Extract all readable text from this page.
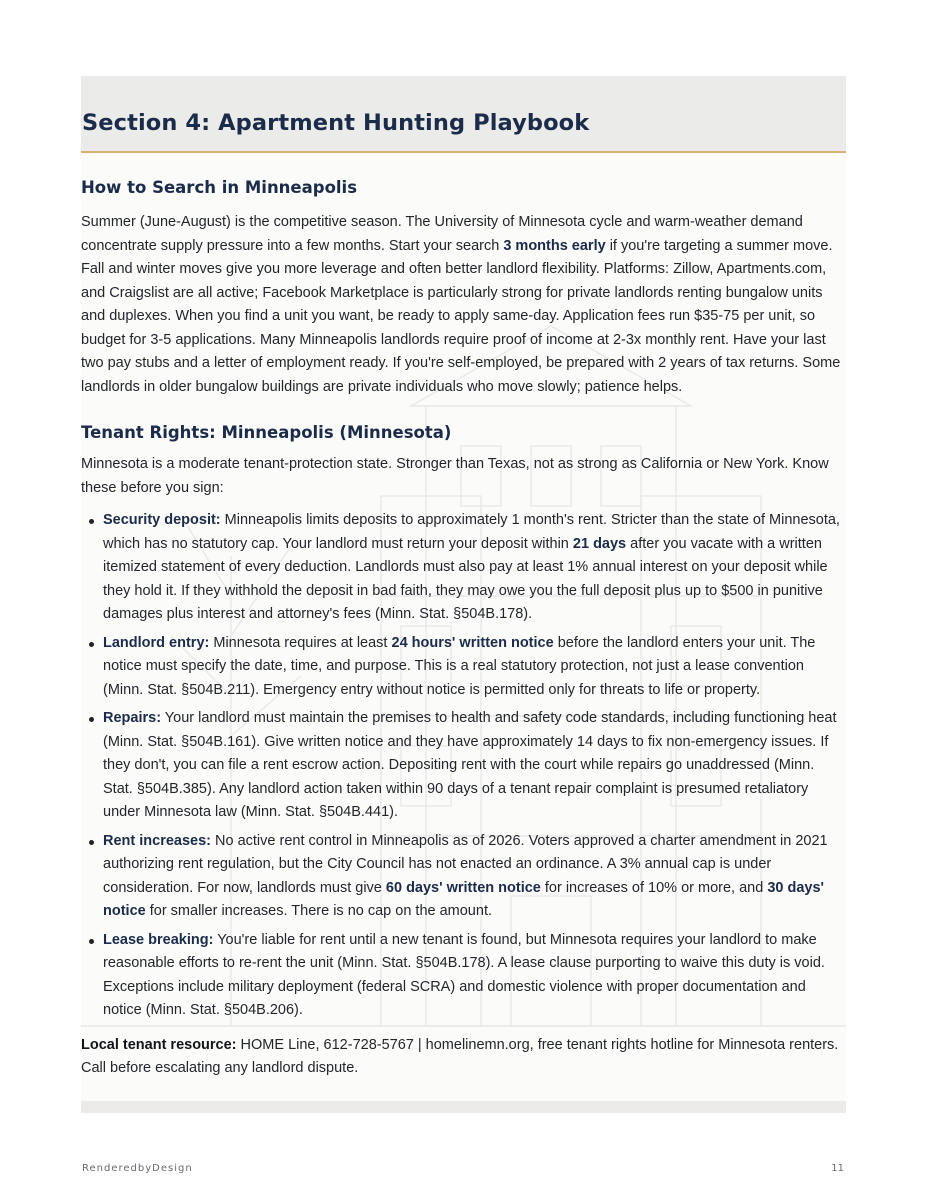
Section 4: Apartment Hunting Playbook
How to Search in Minneapolis

Summer (June-August) is the competitive season. The University of Minnesota cycle and warm-weather demand concentrate supply pressure into a few months. Start your search 3 months early if you're targeting a summer move. Fall and winter moves give you more leverage and often better landlord flexibility. Platforms: Zillow, Apartments.com, and Craigslist are all active; Facebook Marketplace is particularly strong for private landlords renting bungalow units and duplexes. When you find a unit you want, be ready to apply same-day. Application fees run $35-75 per unit, so budget for 3-5 applications. Many Minneapolis landlords require proof of income at 2-3x monthly rent. Have your last two pay stubs and a letter of employment ready. If you're self-employed, be prepared with 2 years of tax returns. Some landlords in older bungalow buildings are private individuals who move slowly; patience helps.

Tenant Rights: Minneapolis (Minnesota)

Minnesota is a moderate tenant-protection state. Stronger than Texas, not as strong as California or New York. Know these before you sign:

Security deposit: Minneapolis limits deposits to approximately 1 month's rent. Stricter than the state of Minnesota, which has no statutory cap. Your landlord must return your deposit within 21 days after you vacate with a written itemized statement of every deduction. Landlords must also pay at least 1% annual interest on your deposit while they hold it. If they withhold the deposit in bad faith, they may owe you the full deposit plus up to $500 in punitive damages plus interest and attorney's fees (Minn. Stat. §504B.178).
Landlord entry: Minnesota requires at least 24 hours' written notice before the landlord enters your unit. The notice must specify the date, time, and purpose. This is a real statutory protection, not just a lease convention (Minn. Stat. §504B.211). Emergency entry without notice is permitted only for threats to life or property.
Repairs: Your landlord must maintain the premises to health and safety code standards, including functioning heat (Minn. Stat. §504B.161). Give written notice and they have approximately 14 days to fix non-emergency issues. If they don't, you can file a rent escrow action. Depositing rent with the court while repairs go unaddressed (Minn. Stat. §504B.385). Any landlord action taken within 90 days of a tenant repair complaint is presumed retaliatory under Minnesota law (Minn. Stat. §504B.441).
Rent increases: No active rent control in Minneapolis as of 2026. Voters approved a charter amendment in 2021 authorizing rent regulation, but the City Council has not enacted an ordinance. A 3% annual cap is under consideration. For now, landlords must give 60 days' written notice for increases of 10% or more, and 30 days' notice for smaller increases. There is no cap on the amount.
Lease breaking: You're liable for rent until a new tenant is found, but Minnesota requires your landlord to make reasonable efforts to re-rent the unit (Minn. Stat. §504B.178). A lease clause purporting to waive this duty is void. Exceptions include military deployment (federal SCRA) and domestic violence with proper documentation and notice (Minn. Stat. §504B.206).

Local tenant resource: HOME Line, 612-728-5767 | homelinemn.org, free tenant rights hotline for Minnesota renters. Call before escalating any landlord dispute.

RenderedbyDesign	11
